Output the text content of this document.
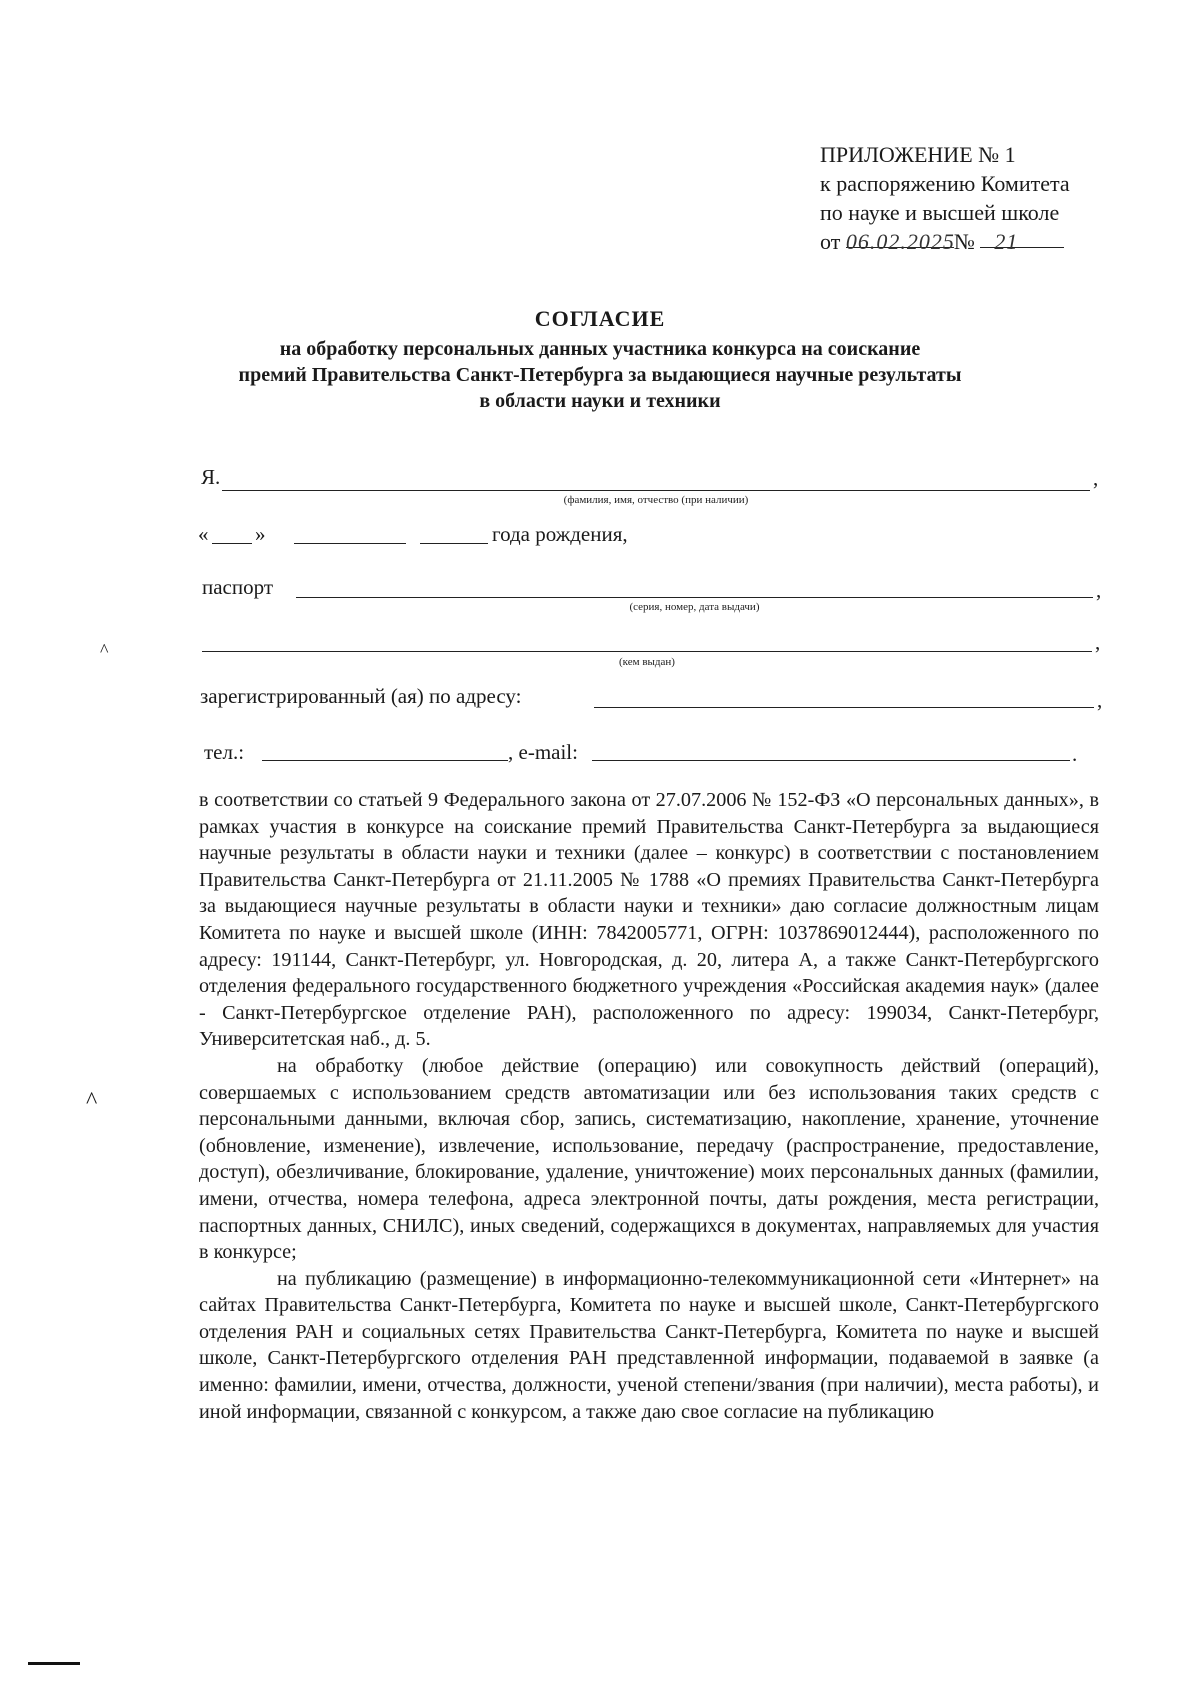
ПРИЛОЖЕНИЕ № 1
к распоряжению Комитета
по науке и высшей школе
от 06.02.2025№ 21
СОГЛАСИЕ
на обработку персональных данных участника конкурса на соискание
премий Правительства Санкт-Петербурга за выдающиеся научные результаты
в области науки и техники
Я.	,
(фамилия, имя, отчество (при наличии)
« »	года рождения,
паспорт	,
(серия, номер, дата выдачи)
,
(кем выдан)
зарегистрированный (ая) по адресу:	,
тел.:	, e-mail:	.

в соответствии со статьей 9 Федерального закона от 27.07.2006 № 152-ФЗ «О персональных данных», в рамках участия в конкурсе на соискание премий Правительства Санкт-Петербурга за выдающиеся научные результаты в области науки и техники (далее – конкурс) в соответствии с постановлением Правительства Санкт-Петербурга от 21.11.2005 № 1788 «О премиях Правительства Санкт-Петербурга за выдающиеся научные результаты в области науки и техники» даю согласие должностным лицам Комитета по науке и высшей школе (ИНН: 7842005771, ОГРН: 1037869012444), расположенного по адресу: 191144, Санкт-Петербург, ул. Новгородская, д. 20, литера А, а также Санкт-Петербургского отделения федерального государственного бюджетного учреждения «Российская академия наук» (далее - Санкт-Петербургское отделение РАН), расположенного по адресу: 199034, Санкт-Петербург, Университетская наб., д. 5.

на обработку (любое действие (операцию) или совокупность действий (операций), совершаемых с использованием средств автоматизации или без использования таких средств с персональными данными, включая сбор, запись, систематизацию, накопление, хранение, уточнение (обновление, изменение), извлечение, использование, передачу (распространение, предоставление, доступ), обезличивание, блокирование, удаление, уничтожение) моих персональных данных (фамилии, имени, отчества, номера телефона, адреса электронной почты, даты рождения, места регистрации, паспортных данных, СНИЛС), иных сведений, содержащихся в документах, направляемых для участия в конкурсе;

на публикацию (размещение) в информационно-телекоммуникационной сети «Интернет» на сайтах Правительства Санкт-Петербурга, Комитета по науке и высшей школе, Санкт-Петербургского отделения РАН и социальных сетях Правительства Санкт-Петербурга, Комитета по науке и высшей школе, Санкт-Петербургского отделения РАН представленной информации, подаваемой в заявке (а именно: фамилии, имени, отчества, должности, ученой степени/звания (при наличии), места работы), и иной информации, связанной с конкурсом, а также даю свое согласие на публикацию

^
^
